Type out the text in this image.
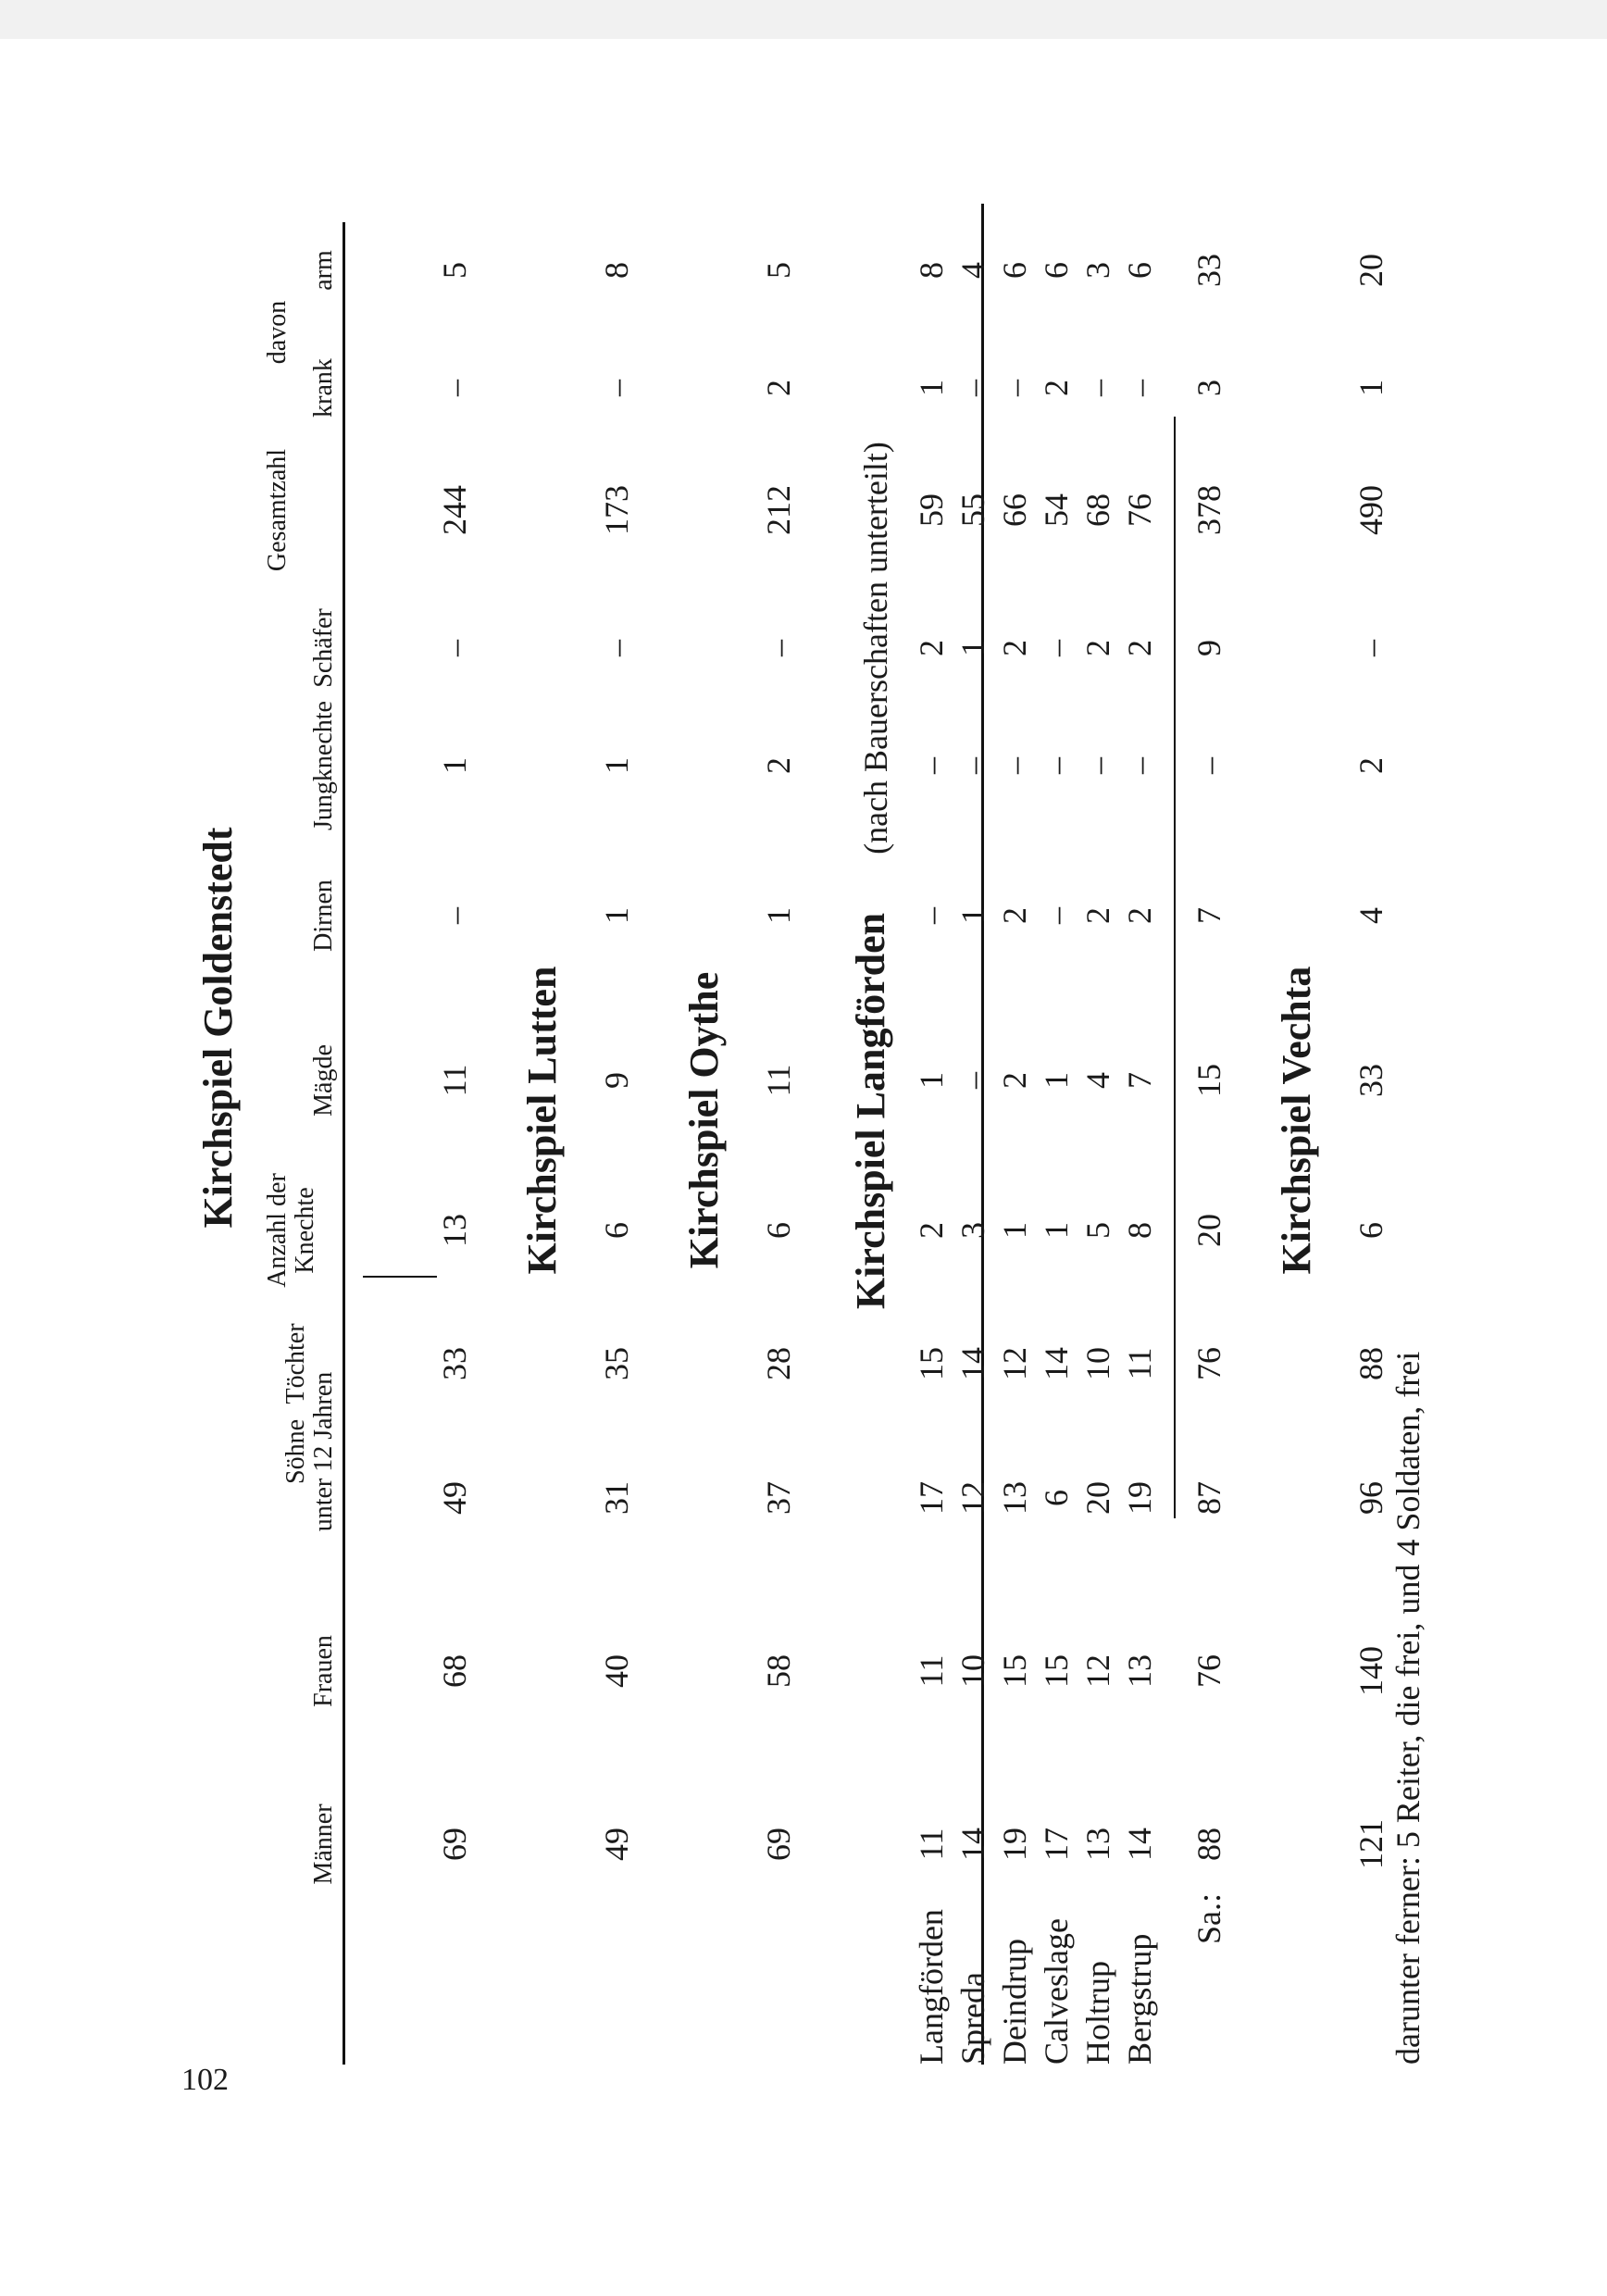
Männer
Frauen
Söhne unter 12 Jahren
Töchter
Anzahl der Knechte
Mägde
Dirnen
Jungknechte
Schäfer
Gesamtzahl
davon
krank
arm
Kirchspiel Goldenstedt
69
68
49
33
13
11
–
1
–
244
–
5
Kirchspiel Lutten
49
40
31
35
6
9
1
1
–
173
–
8
Kirchspiel Oythe
69
58
37
28
6
11
1
2
–
212
2
5
Kirchspiel Langförden
(nach Bauerschaften unterteilt)
Langförden
11
11
17
15
2
1
–
–
2
59
1
8
Spreda
14
10
12
14
3
–
1
–
1
55
–
4
Deindrup
19
15
13
12
1
2
2
–
2
66
–
6
Calveslage
17
15
6
14
1
1
–
–
–
54
2
6
Holtrup
13
12
20
10
5
4
2
–
2
68
–
3
Bergstrup
14
13
19
11
8
7
2
–
2
76
–
6
Sa.:
88
76
87
76
20
15
7
–
9
378
3
33
Kirchspiel Vechta
121
140
96
88
6
33
4
2
–
490
1
20
darunter ferner: 5 Reiter, die frei, und 4 Soldaten, frei
102
